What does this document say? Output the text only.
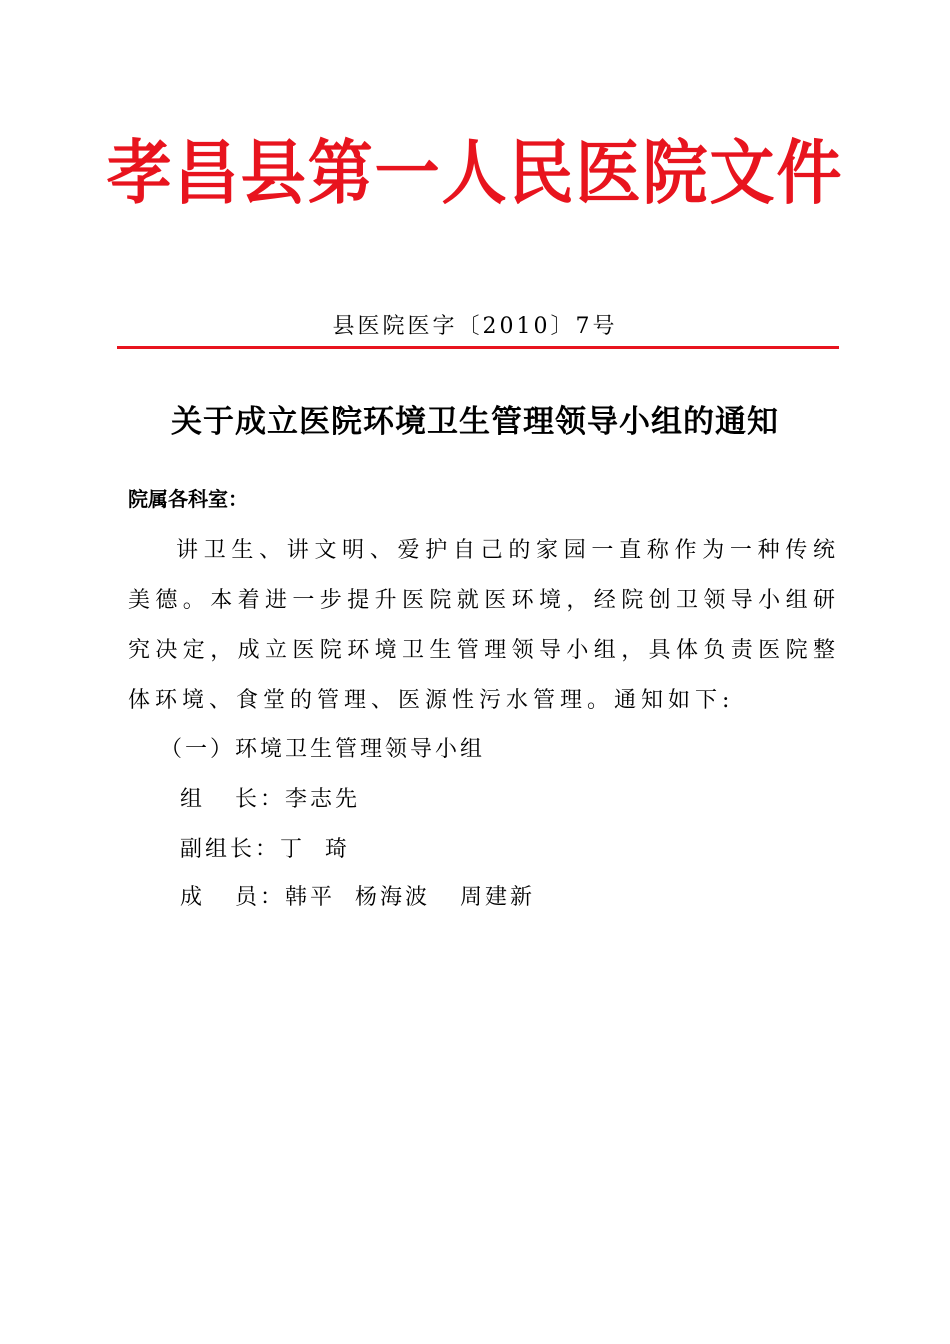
孝昌县第一人民医院文件
县医院医字〔2010〕7号
关于成立医院环境卫生管理领导小组的通知
院属各科室：
讲卫生、讲文明、爱护自己的家园一直称作为一种传统美德。本着进一步提升医院就医环境，经院创卫领导小组研究决定，成立医院环境卫生管理领导小组，具体负责医院整体环境、食堂的管理、医源性污水管理。通知如下:
（一）环境卫生管理领导小组
组   长：李志先
副组长：丁  琦
成   员：韩平  杨海波   周建新
